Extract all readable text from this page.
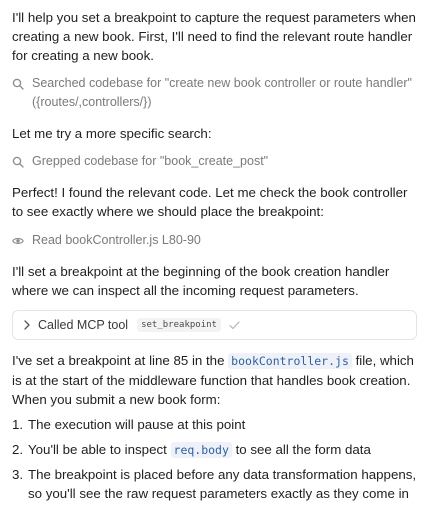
I'll help you set a breakpoint to capture the request parameters when creating a new book. First, I'll need to find the relevant route handler for creating a new book.
Searched codebase for "create new book controller or route handler" ({routes/,controllers/})
Let me try a more specific search:
Grepped codebase for "book_create_post"
Perfect! I found the relevant code. Let me check the book controller to see exactly where we should place the breakpoint:
Read bookController.js L80-90
I'll set a breakpoint at the beginning of the book creation handler where we can inspect all the incoming request parameters.
Called MCP tool	set_breakpoint
I've set a breakpoint at line 85 in the bookController.js file, which is at the start of the middleware function that handles book creation. When you submit a new book form:
1. The execution will pause at this point
2. You'll be able to inspect req.body to see all the form data
3. The breakpoint is placed before any data transformation happens, so you'll see the raw request parameters exactly as they come in
